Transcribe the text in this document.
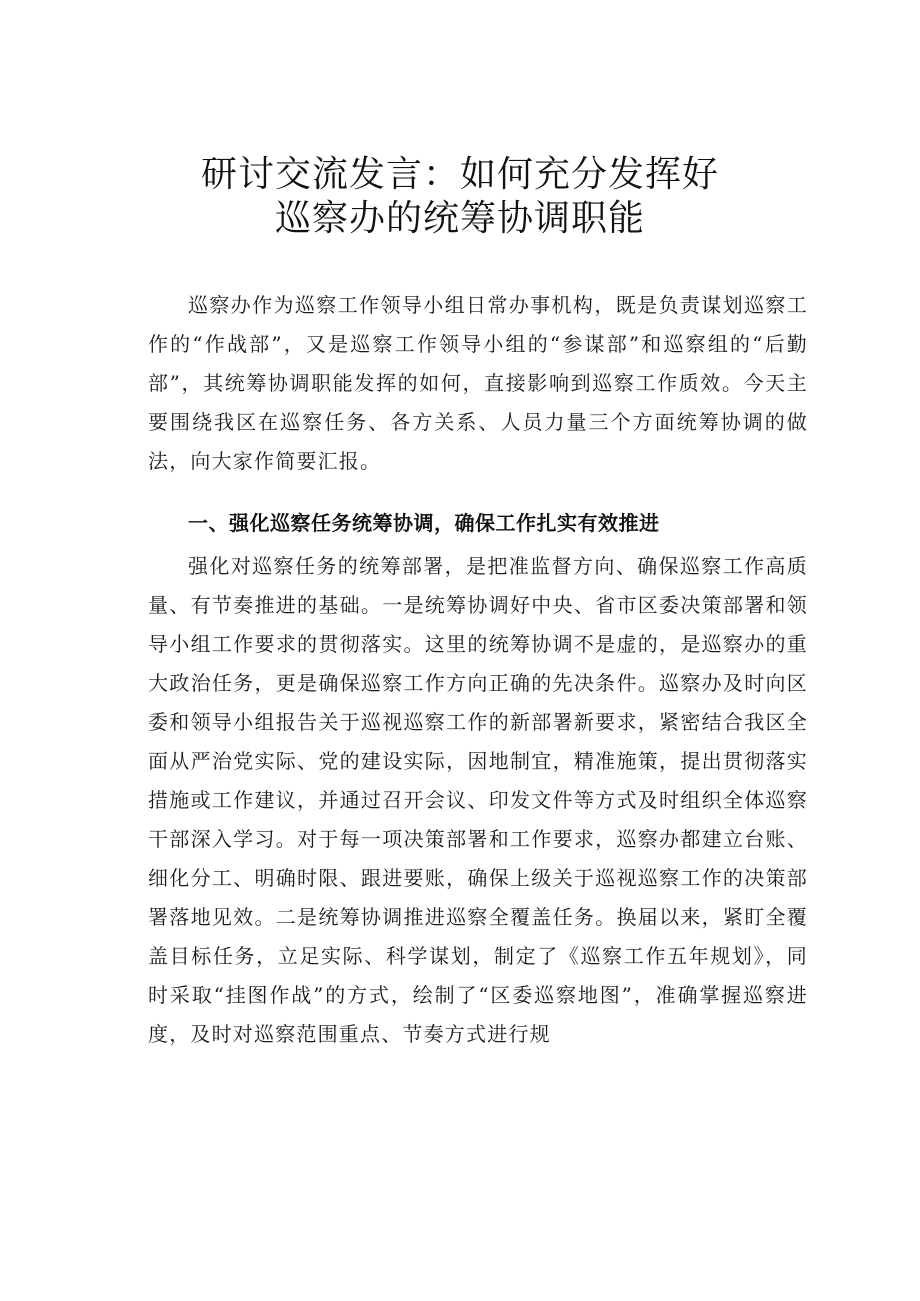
研讨交流发言：如何充分发挥好
巡察办的统筹协调职能

巡察办作为巡察工作领导小组日常办事机构，既是负责谋划巡察工作的“作战部”，又是巡察工作领导小组的“参谋部”和巡察组的“后勤部”，其统筹协调职能发挥的如何，直接影响到巡察工作质效。今天主要围绕我区在巡察任务、各方关系、人员力量三个方面统筹协调的做法，向大家作简要汇报。

一、强化巡察任务统筹协调，确保工作扎实有效推进

强化对巡察任务的统筹部署，是把准监督方向、确保巡察工作高质量、有节奏推进的基础。一是统筹协调好中央、省市区委决策部署和领导小组工作要求的贯彻落实。这里的统筹协调不是虚的，是巡察办的重大政治任务，更是确保巡察工作方向正确的先决条件。巡察办及时向区委和领导小组报告关于巡视巡察工作的新部署新要求，紧密结合我区全面从严治党实际、党的建设实际，因地制宜，精准施策，提出贯彻落实措施或工作建议，并通过召开会议、印发文件等方式及时组织全体巡察干部深入学习。对于每一项决策部署和工作要求，巡察办都建立台账、细化分工、明确时限、跟进要账，确保上级关于巡视巡察工作的决策部署落地见效。二是统筹协调推进巡察全覆盖任务。换届以来，紧盯全覆盖目标任务，立足实际、科学谋划，制定了《巡察工作五年规划》，同时采取“挂图作战”的方式，绘制了“区委巡察地图”，准确掌握巡察进度，及时对巡察范围重点、节奏方式进行规
